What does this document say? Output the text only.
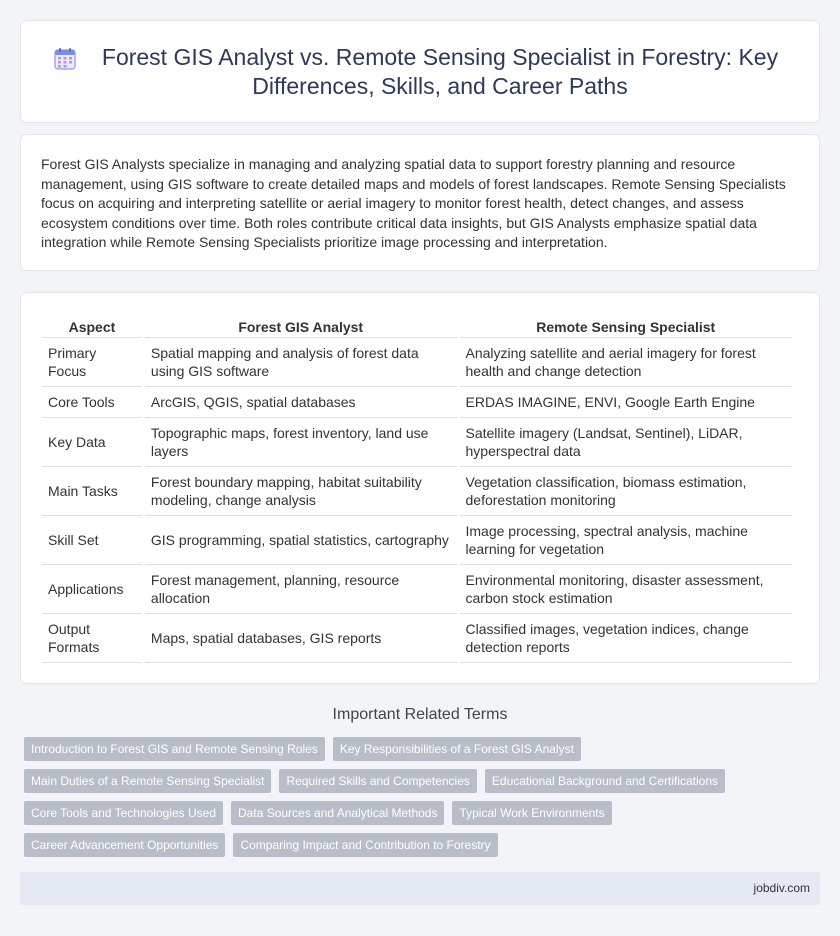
Forest GIS Analyst vs. Remote Sensing Specialist in Forestry: Key Differences, Skills, and Career Paths

Forest GIS Analysts specialize in managing and analyzing spatial data to support forestry planning and resource management, using GIS software to create detailed maps and models of forest landscapes. Remote Sensing Specialists focus on acquiring and interpreting satellite or aerial imagery to monitor forest health, detect changes, and assess ecosystem conditions over time. Both roles contribute critical data insights, but GIS Analysts emphasize spatial data integration while Remote Sensing Specialists prioritize image processing and interpretation.

Aspect	Forest GIS Analyst	Remote Sensing Specialist
Primary Focus	Spatial mapping and analysis of forest data using GIS software	Analyzing satellite and aerial imagery for forest health and change detection
Core Tools	ArcGIS, QGIS, spatial databases	ERDAS IMAGINE, ENVI, Google Earth Engine
Key Data	Topographic maps, forest inventory, land use layers	Satellite imagery (Landsat, Sentinel), LiDAR, hyperspectral data
Main Tasks	Forest boundary mapping, habitat suitability modeling, change analysis	Vegetation classification, biomass estimation, deforestation monitoring
Skill Set	GIS programming, spatial statistics, cartography	Image processing, spectral analysis, machine learning for vegetation
Applications	Forest management, planning, resource allocation	Environmental monitoring, disaster assessment, carbon stock estimation
Output Formats	Maps, spatial databases, GIS reports	Classified images, vegetation indices, change detection reports
Important Related Terms
Introduction to Forest GIS and Remote Sensing Roles	Key Responsibilities of a Forest GIS Analyst
Main Duties of a Remote Sensing Specialist	Required Skills and Competencies	Educational Background and Certifications
Core Tools and Technologies Used	Data Sources and Analytical Methods	Typical Work Environments
Career Advancement Opportunities	Comparing Impact and Contribution to Forestry
jobdiv.com
